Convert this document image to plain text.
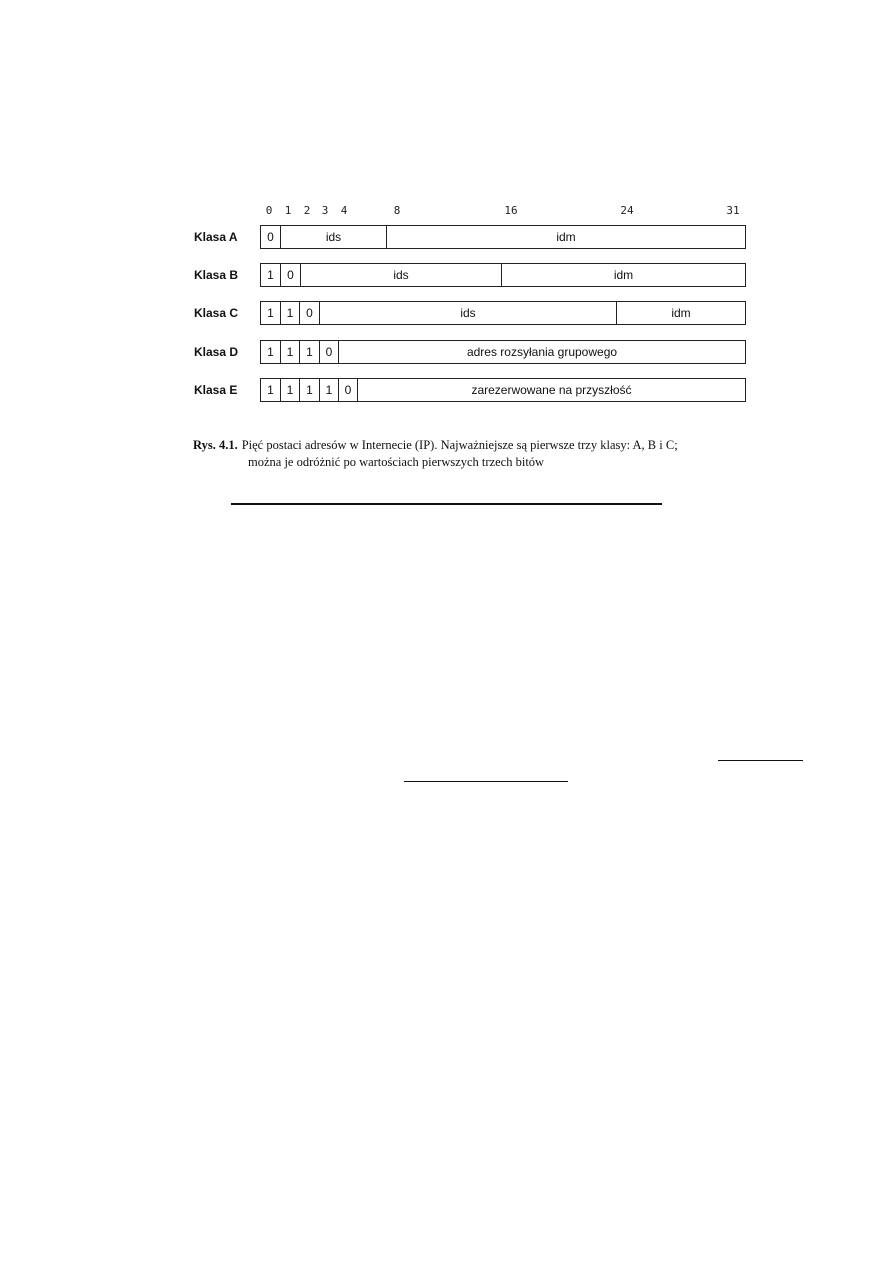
0 1 2 3 4	8	16	24	31
Klasa A	0	ids	idm
Klasa B	1	0	ids	idm
Klasa C	1	1	0	ids	idm
Klasa D	1	1	1	0	adres rozsyłania grupowego
Klasa E	1	1	1	1	0	zarezerwowane na przyszłość
Rys. 4.1. Pięć postaci adresów w Internecie (IP). Najważniejsze są pierwsze trzy klasy: A, B i C;
można je odróżnić po wartościach pierwszych trzech bitów
